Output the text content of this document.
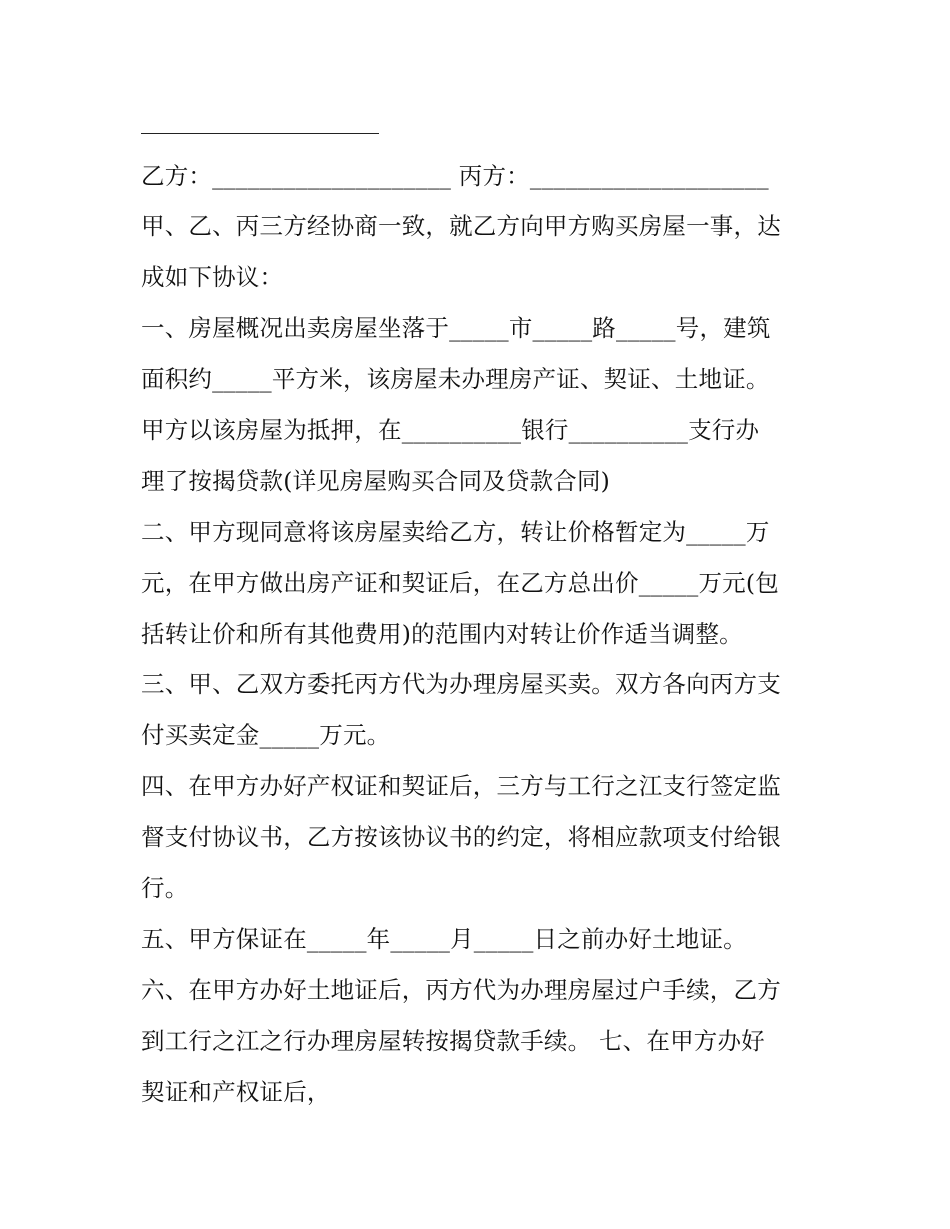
乙方：____________________ 丙方：____________________
甲、乙、丙三方经协商一致，就乙方向甲方购买房屋一事，达
成如下协议：
一、房屋概况出卖房屋坐落于_____市_____路_____号，建筑
面积约_____平方米，该房屋未办理房产证、契证、土地证。
甲方以该房屋为抵押，在__________银行__________支行办
理了按揭贷款(详见房屋购买合同及贷款合同)
二、甲方现同意将该房屋卖给乙方，转让价格暂定为_____万
元，在甲方做出房产证和契证后，在乙方总出价_____万元(包
括转让价和所有其他费用)的范围内对转让价作适当调整。
三、甲、乙双方委托丙方代为办理房屋买卖。双方各向丙方支
付买卖定金_____万元。
四、在甲方办好产权证和契证后，三方与工行之江支行签定监
督支付协议书，乙方按该协议书的约定，将相应款项支付给银
行。
五、甲方保证在_____年_____月_____日之前办好土地证。
六、在甲方办好土地证后，丙方代为办理房屋过户手续，乙方
到工行之江之行办理房屋转按揭贷款手续。 七、在甲方办好
契证和产权证后，
